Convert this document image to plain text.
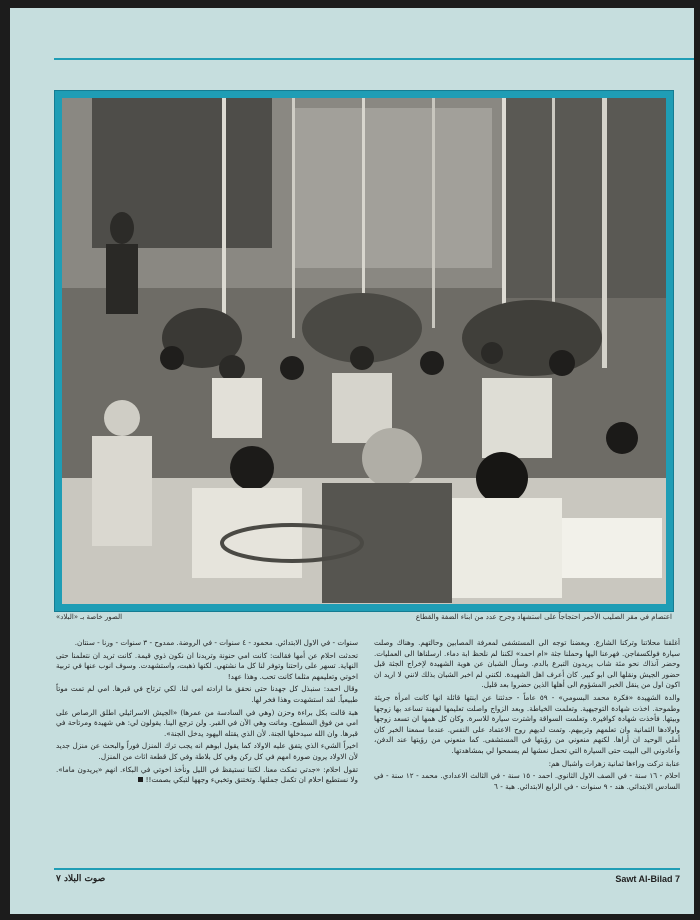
اعتصام في مقر الصليب الأحمر احتجاجاً على استشهاد وجرح عدد من ابناء الضفة والقطاع
الصور خاصة بـ «البلاد»

أغلقنا محلاتنا وتركنا الشارع. وبعضنا توجه الى المستشفى لمعرفة المصابين وحالتهم. وهناك وصلت سيارة فولكسفاجن. فهرعنا اليها وحملنا جثة «ام احمد» لكننا لم نلحظ ابة دماء. ارسلناها الى العمليات. وحضر آنذاك نحو مئة شاب يريدون التبرع بالدم. وسأل الشبان عن هوية الشهيدة لإخراج الجثة قبل حضور الجيش ونقلها الى ابو كبير. كان أعرف اهل الشهيدة. لكنني لم اخبر الشبان بذلك لانني لا اريد ان اكون اول من ينقل الخبر المشؤوم الى أهلها الذين حضروا بعد قليل.

والدة الشهيدة «فكرة محمد البسومي» - ٥٩ عاماً - حدثتنا عن ابنتها قائلة انها كانت امرأة جريئة وطموحة. اخذت شهادة التوجيهية. وتعلمت الخياطة. وبعد الزواج واصلت تعليمها لمهنة تساعد بها زوجها وبيتها. فأخذت شهادة كوافيرة. وتعلمت السواقة واشترت سيارة للاسرة. وكان كل همها ان تسعد زوجها واولادها الثمانية وان تعلمهم وتربيهم. وتمت لديهم روح الاعتماد على النفس. عندما سمعنا الخبر كان أملي الوحيد ان أراها. لكنهم منعوني من رؤيتها في المستشفى. كما منعوني من رؤيتها عند الدفن، وأعادوني الى البيت حتى السيارة التي تحمل نعشها لم يسمحوا لي بمشاهدتها.

عنابة تركت وراءها ثمانية زهرات واشبال هم:

احلام - ١٦ سنة - في الصف الاول الثانوي. احمد - ١٥ سنة - في الثالث الاعدادي. محمد - ١٢ سنة - في السادس الابتدائي. هند - ٩ سنوات - في الرابع الابتدائي. هبة - ٦

سنوات - في الاول الابتدائي. محمود - ٤ سنوات - في الروضة. ممدوح - ٣ سنوات - ورنا - سنتان.

تحدثت احلام عن أمها فقالت: كانت امي حنونة وتريدنا ان نكون ذوي قيمة. كانت تريد ان نتعلمنا حتى النهاية. تسهر على راحتنا وتوفر لنا كل ما نشتهي. لكنها ذهبت، واستشهدت. وسوف انوب عنها في تربية اخوتي وتعليمهم مثلما كانت تحب. وهذا عهد!

وقال احمد: سنبذل كل جهدنا حتى نحقق ما ارادته امي لنا. لكي ترتاح في قبرها. امي لم تمت موتاً طبيعياً. لقد استشهدت وهذا فخر لها.

هبة قالت بكل براءة وحزن (وهي في السادسة من عمرها) «الجيش الاسرائيلي اطلق الرصاص على امي من فوق السطوح. وماتت وهي الآن في القبر. ولن ترجع الينا. يقولون لي: هي شهيدة ومرتاحة في قبرها. وان الله سيدخلها الجنة. لأن الذي يقتله اليهود يدخل الجنة».

اخيراً الشيء الذي يتفق عليه الاولاد كما يقول ابوهم انه يجب ترك المنزل فوراً والبحث عن منزل جديد لأن الاولاد يرون صورة امهم في كل ركن وفي كل بلاطة وفي كل قطعة اثاث من المنزل.

تقول احلام: «جدتي تمكث معنا. لكننا نستيقظ في الليل ونأخذ اخوتي في البكاء. انهم «يريدون ماما». ولا نستطيع احلام ان تكمل جملتها. وتختنق وتخبيء وجهها لتبكي بصمت!!

Sawt Al-Bilad 7
صوت البلاد ٧
